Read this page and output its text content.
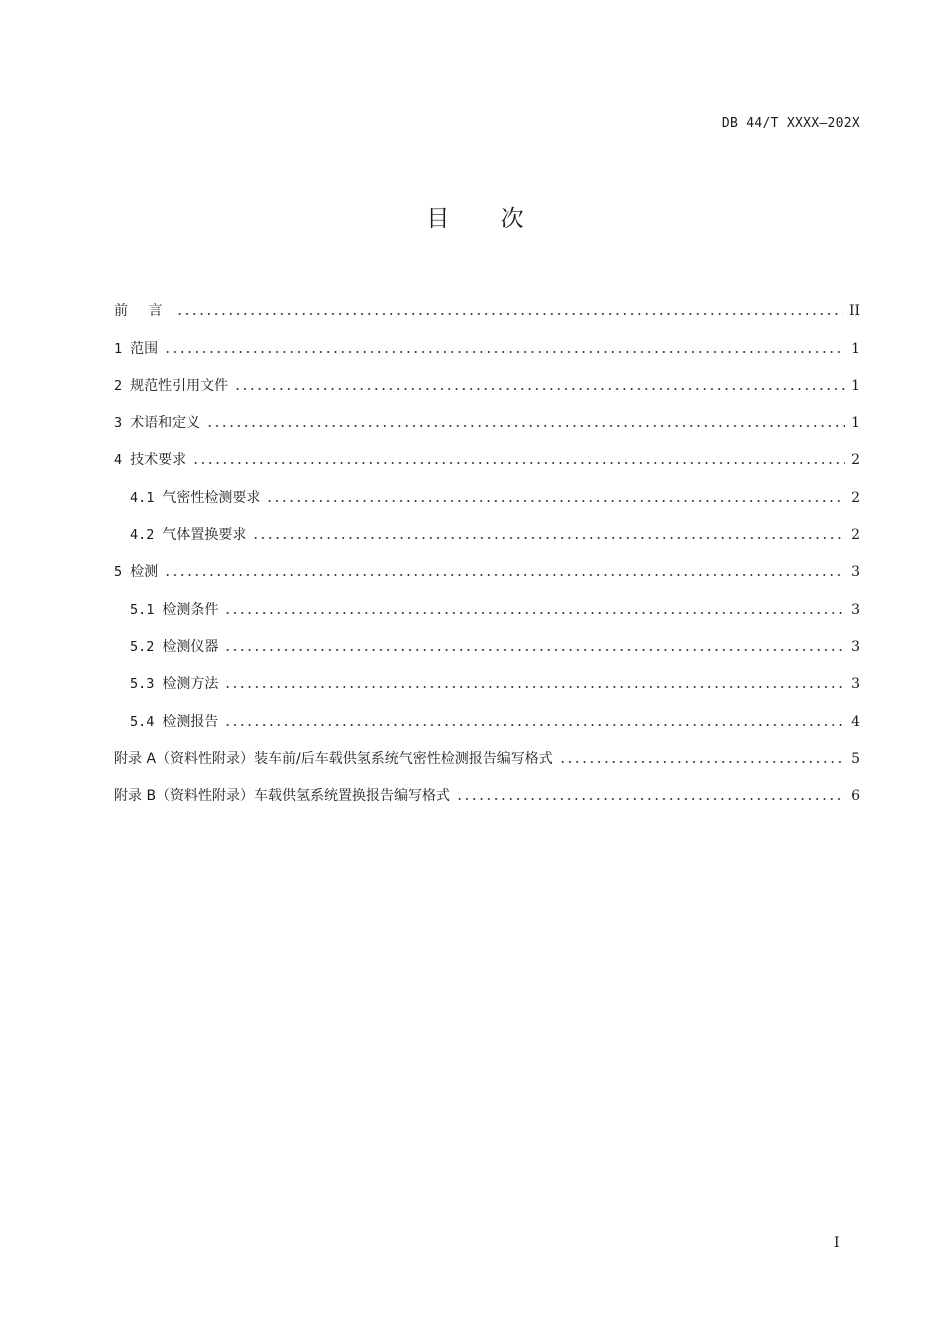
DB 44/T XXXX—202X
目 次
前 言	II
1 范围	1
2 规范性引用文件	1
3 术语和定义	1
4 技术要求	2
4.1 气密性检测要求	2
4.2 气体置换要求	2
5 检测	3
5.1 检测条件	3
5.2 检测仪器	3
5.3 检测方法	3
5.4 检测报告	4
附录 A（资料性附录）装车前/后车载供氢系统气密性检测报告编写格式	5
附录 B（资料性附录）车载供氢系统置换报告编写格式	6
I
